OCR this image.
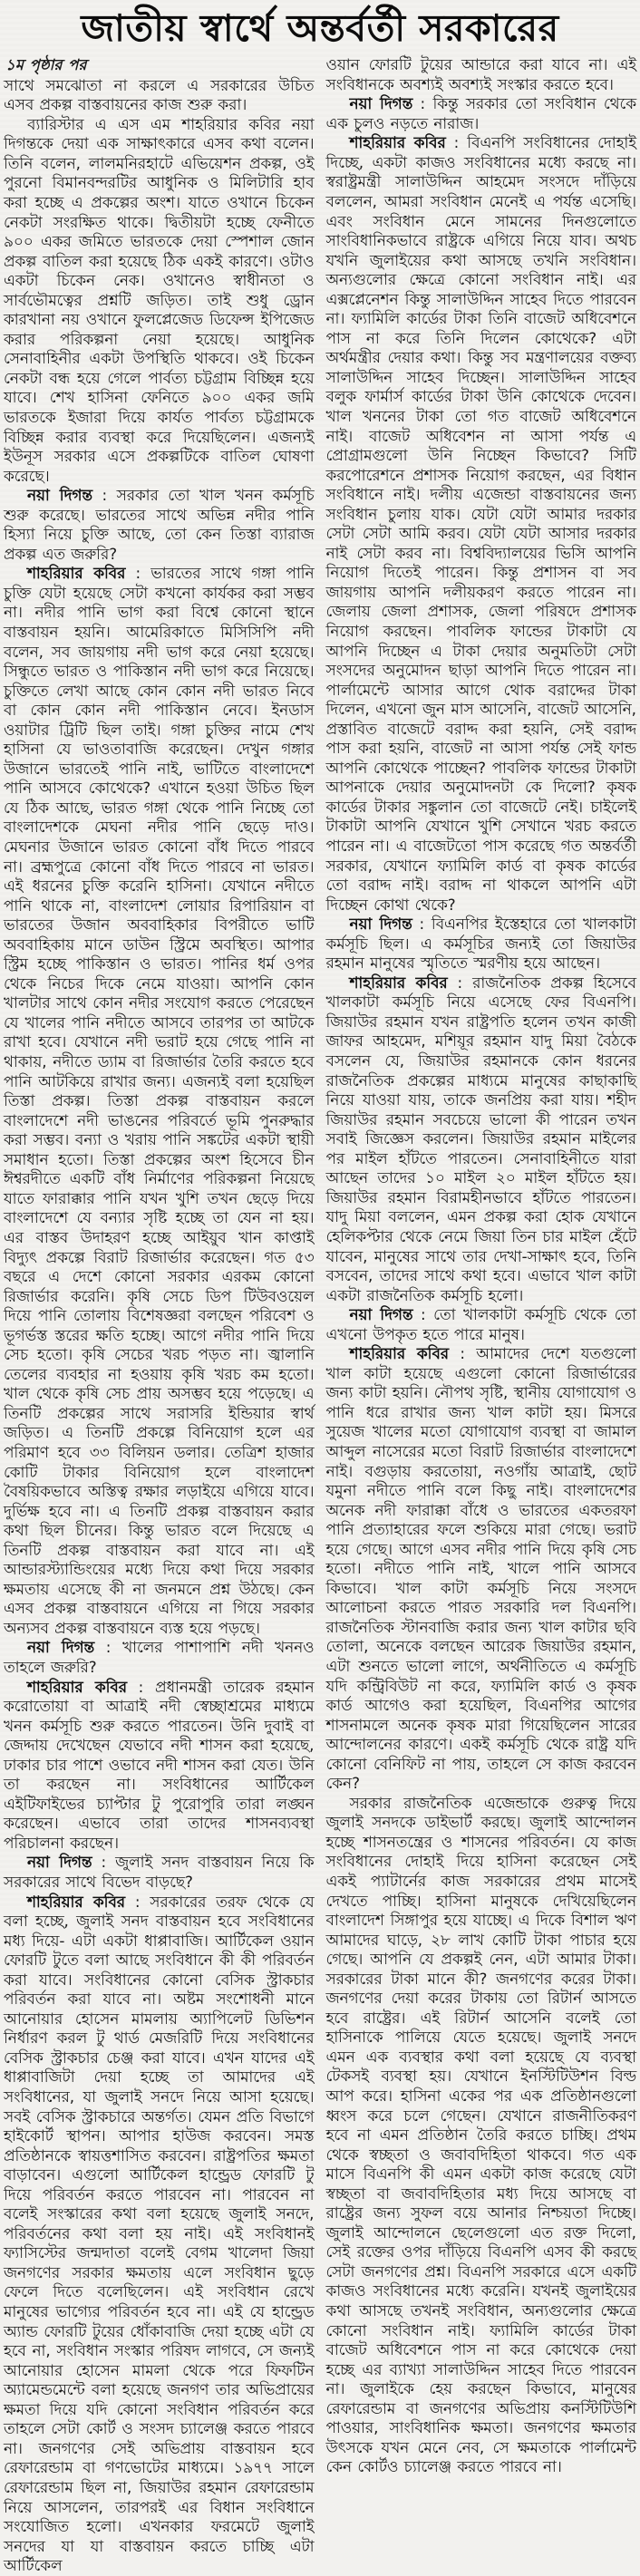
জাতীয় স্বার্থে অন্তর্বর্তী সরকারের
১ম পৃষ্ঠার পর

সাথে সমঝোতা না করলে এ সরকারের উচিত এসব প্রকল্প বাস্তবায়নের কাজ শুরু করা।

ব্যারিস্টার এ এস এম শাহরিয়ার কবির নয়া দিগন্তকে দেয়া এক সাক্ষাৎকারে এসব কথা বলেন। তিনি বলেন, লালমনিরহাটে এভিয়েশন প্রকল্প, ওই পুরনো বিমানবন্দরটির আধুনিক ও মিলিটারি হাব করা হচ্ছে এ প্রকল্পের অংশ। যাতে ওখানে চিকেন নেকটা সংরক্ষিত থাকে। দ্বিতীয়টা হচ্ছে ফেনীতে ৯০০ একর জমিতে ভারতকে দেয়া স্পেশাল জোন প্রকল্প বাতিল করা হয়েছে ঠিক একই কারণে। ওটাও একটা চিকেন নেক। ওখানেও স্বাধীনতা ও সার্বভৌমত্বের প্রশ্নটি জড়িত। তাই শুধু ড্রোন কারখানা নয় ওখানে ফুলপ্লেজেড ডিফেন্স ইপিজেড করার পরিকল্পনা নেয়া হয়েছে। আধুনিক সেনাবাহিনীর একটা উপস্থিতি থাকবে। ওই চিকেন নেকটা বন্ধ হয়ে গেলে পার্বত্য চট্টগ্রাম বিচ্ছিন্ন হয়ে যাবে। শেখ হাসিনা ফেনিতে ৯০০ একর জমি ভারতকে ইজারা দিয়ে কার্যত পার্বত্য চট্টগ্রামকে বিচ্ছিন্ন করার ব্যবস্থা করে দিয়েছিলেন। এজন্যই ইউনূস সরকার এসে প্রকল্পটিকে বাতিল ঘোষণা করেছে।

নয়া দিগন্ত : সরকার তো খাল খনন কর্মসূচি শুরু করেছে। ভারতের সাথে অভিন্ন নদীর পানি হিস্যা নিয়ে চুক্তি আছে, তো কেন তিস্তা ব্যারাজ প্রকল্প এত জরুরি?

শাহরিয়ার কবির : ভারতের সাথে গঙ্গা পানি চুক্তি যেটা হয়েছে সেটা কখনো কার্যকর করা সম্ভব না। নদীর পানি ভাগ করা বিশ্বে কোনো স্থানে বাস্তবায়ন হয়নি। আমেরিকাতে মিসিসিপি নদী বলেন, সব জায়গায় নদী ভাগ করে নেয়া হয়েছে। সিন্ধুতে ভারত ও পাকিস্তান নদী ভাগ করে নিয়েছে। চুক্তিতে লেখা আছে কোন কোন নদী ভারত নিবে বা কোন কোন নদী পাকিস্তান নেবে। ইনডাস ওয়াটার ট্রিটি ছিল তাই। গঙ্গা চুক্তির নামে শেখ হাসিনা যে ভাওতাবাজি করেছেন। দেখুন গঙ্গার উজানে ভারতেই পানি নাই, ভাটিতে বাংলাদেশে পানি আসবে কোথেকে? এখানে হওয়া উচিত ছিল যে ঠিক আছে, ভারত গঙ্গা থেকে পানি নিচ্ছে তো বাংলাদেশকে মেঘনা নদীর পানি ছেড়ে দাও। মেঘনার উজানে ভারত কোনো বাঁধ দিতে পারবে না। ব্রহ্মপুত্রে কোনো বাঁধ দিতে পারবে না ভারত। এই ধরনের চুক্তি করেনি হাসিনা। যেখানে নদীতে পানি থাকে না, বাংলাদেশ লোয়ার রিপারিয়ান বা ভারতের উজান অববাহিকার বিপরীতে ভাটি অববাহিকায় মানে ডাউন স্ট্রিমে অবস্থিত। আপার স্ট্রিম হচ্ছে পাকিস্তান ও ভারত। পানির ধর্ম ওপর থেকে নিচের দিকে নেমে যাওয়া। আপনি কোন খালটার সাথে কোন নদীর সংযোগ করতে পেরেছেন যে খালের পানি নদীতে আসবে তারপর তা আটকে রাখা হবে। যেখানে নদী ভরাট হয়ে গেছে পানি না থাকায়, নদীতে ড্যাম বা রিজার্ভার তৈরি করতে হবে পানি আটকিয়ে রাখার জন্য। এজন্যই বলা হয়েছিল তিস্তা প্রকল্প। তিস্তা প্রকল্প বাস্তবায়ন করলে বাংলাদেশে নদী ভাঙনের পরিবর্তে ভূমি পুনরুদ্ধার করা সম্ভব। বন্যা ও খরায় পানি সঙ্কটের একটা স্থায়ী সমাধান হতো। তিস্তা প্রকল্পের অংশ হিসেবে চীন ঈশ্বরদীতে একটি বাঁধ নির্মাণের পরিকল্পনা নিয়েছে যাতে ফারাক্কার পানি যখন খুশি তখন ছেড়ে দিয়ে বাংলাদেশে যে বন্যার সৃষ্টি হচ্ছে তা যেন না হয়। এর বাস্তব উদাহরণ হচ্ছে আইয়ুব খান কাপ্তাই বিদ্যুৎ প্রকল্পে বিরাট রিজার্ভার করেছেন। গত ৫৩ বছরে এ দেশে কোনো সরকার এরকম কোনো রিজার্ভার করেনি। কৃষি সেচে ডিপ টিউবওয়েল দিয়ে পানি তোলায় বিশেষজ্ঞরা বলছেন পরিবেশ ও ভূগর্ভস্ত স্তরের ক্ষতি হচ্ছে। আগে নদীর পানি দিয়ে সেচ হতো। কৃষি সেচের খরচ পড়ত না। জ্বালানি তেলের ব্যবহার না হওয়ায় কৃষি খরচ কম হতো। খাল থেকে কৃষি সেচ প্রায় অসম্ভব হয়ে পড়েছে। এ তিনটি প্রকল্পের সাথে সরাসরি ইন্ডিয়ার স্বার্থ জড়িত। এ তিনটি প্রকল্পে বিনিয়োগ হলে এর পরিমাণ হবে ৩৩ বিলিয়ন ডলার। তেত্রিশ হাজার কোটি টাকার বিনিয়োগ হলে বাংলাদেশ বৈষয়িকভাবে অস্তিত্ব রক্ষার লড়াইয়ে এগিয়ে যাবে। দুর্ভিক্ষ হবে না। এ তিনটি প্রকল্প বাস্তবায়ন করার কথা ছিল চীনের। কিন্তু ভারত বলে দিয়েছে এ তিনটি প্রকল্প বাস্তবায়ন করা যাবে না। এই আন্ডারস্ট্যান্ডিংয়ের মধ্যে দিয়ে কথা দিয়ে সরকার ক্ষমতায় এসেছে কী না জনমনে প্রশ্ন উঠছে। কেন এসব প্রকল্প বাস্তবায়নে এগিয়ে না গিয়ে সরকার অন্যসব প্রকল্প বাস্তবায়নে ব্যস্ত হয়ে পড়ছে।

নয়া দিগন্ত : খালের পাশাপাশি নদী খননও তাহলে জরুরি?

শাহরিয়ার কবির : প্রধানমন্ত্রী তারেক রহমান করোতোয়া বা আত্রাই নদী স্বেচ্ছাশ্রমের মাধ্যমে খনন কর্মসূচি শুরু করতে পারতেন। উনি দুবাই বা জেদ্দায় দেখেছেন যেভাবে নদী শাসন করা হয়েছে, ঢাকার চার পাশে ওভাবে নদী শাসন করা যেত। উনি তা করছেন না। সংবিধানের আর্টিকেল এইটিফাইভের চ্যাপ্টার টু পুরোপুরি তারা লঙ্ঘন করেছেন। এভাবে তারা তাদের শাসনব্যবস্থা পরিচালনা করছেন।

নয়া দিগন্ত : জুলাই সনদ বাস্তবায়ন নিয়ে কি সরকারের সাথে বিভেদ বাড়ছে?

শাহরিয়ার কবির : সরকারের তরফ থেকে যে বলা হচ্ছে, জুলাই সনদ বাস্তবায়ন হবে সংবিধানের মধ্য দিয়ে- এটা একটা ধাপ্পাবাজি। আর্টিকেল ওয়ান ফোরটি টুতে বলা আছে সংবিধানে কী কী পরিবর্তন করা যাবে। সংবিধানের কোনো বেসিক স্ট্রাকচার পরিবর্তন করা যাবে না। অষ্টম সংশোধনী মানে আনোয়ার হোসেন মামলায় অ্যাপিলেট ডিভিশন নির্ধারণ করল টু থার্ড মেজরিটি দিয়ে সংবিধানের বেসিক স্ট্রাকচার চেঞ্জ করা যাবে। এখন যাদের এই ধাপ্পাবাজিটা দেয়া হচ্ছে তা আমাদের এই সংবিধানের, যা জুলাই সনদে নিয়ে আসা হয়েছে। সবই বেসিক স্ট্রাকচারে অন্তর্গত। যেমন প্রতি বিভাগে হাইকোর্ট স্থাপন। আপার হাউজ করবেন। সমস্ত প্রতিষ্ঠানকে স্বায়ত্তশাসিত করবেন। রাষ্ট্রপতির ক্ষমতা বাড়াবেন। এগুলো আর্টিকেল হান্ড্রেড ফোরটি টু দিয়ে পরিবর্তন করতে পারবেন না। পারবেন না বলেই সংস্কারের কথা বলা হয়েছে জুলাই সনদে, পরিবর্তনের কথা বলা হয় নাই। এই সংবিধানই ফ্যাসিস্টের জন্মদাতা বলেই বেগম খালেদা জিয়া জনগণের সরকার ক্ষমতায় এলে সংবিধান ছুড়ে ফেলে দিতে বলেছিলেন। এই সংবিধান রেখে মানুষের ভাগ্যের পরিবর্তন হবে না। এই যে হান্ড্রেড অ্যান্ড ফোরটি টুয়ের ধোঁকাবাজি দেয়া হচ্ছে এটা যে হবে না, সংবিধান সংস্কার পরিষদ লাগবে, সে জন্যই আনোয়ার হোসেন মামলা থেকে পরে ফিফটিন অ্যামেন্ডমেন্টে বলা হয়েছে জনগণ তার অভিপ্রায়ের ক্ষমতা দিয়ে যদি কোনো সংবিধান পরিবর্তন করে তাহলে সেটা কোর্ট ও সংসদ চ্যালেঞ্জ করতে পারবে না। জনগণের সেই অভিপ্রায় বাস্তবায়ন হবে রেফারেন্ডাম বা গণভোটের মাধ্যমে। ১৯৭৭ সালে রেফারেন্ডাম ছিল না, জিয়াউর রহমান রেফারেন্ডাম নিয়ে আসলেন, তারপরই এর বিধান সংবিধানে সংযোজিত হলো। এখনকার ফরমেটে জুলাই সনদের যা যা বাস্তবায়ন করতে চাচ্ছি এটা আর্টিকেল

ওয়ান ফোরটি টুয়ের আন্ডারে করা যাবে না। এই সংবিধানকে অবশ্যই অবশ্যই সংস্কার করতে হবে।

নয়া দিগন্ত : কিন্তু সরকার তো সংবিধান থেকে এক চুলও নড়তে নারাজ।

শাহরিয়ার কবির : বিএনপি সংবিধানের দোহাই দিচ্ছে, একটা কাজও সংবিধানের মধ্যে করছে না। স্বরাষ্ট্রমন্ত্রী সালাউদ্দিন আহমেদ সংসদে দাঁড়িয়ে বললেন, আমরা সংবিধান মেনেই এ পর্যন্ত এসেছি। এবং সংবিধান মেনে সামনের দিনগুলোতে সাংবিধানিকভাবে রাষ্ট্রকে এগিয়ে নিয়ে যাব। অথচ যখনি জুলাইয়ের কথা আসছে তখনি সংবিধান। অন্যগুলোর ক্ষেত্রে কোনো সংবিধান নাই। এর এক্সপ্লেনেশন কিন্তু সালাউদ্দিন সাহেব দিতে পারবেন না। ফ্যামিলি কার্ডের টাকা তিনি বাজেট অধিবেশনে পাস না করে তিনি দিলেন কোথেকে? এটা অর্থমন্ত্রীর দেয়ার কথা। কিন্তু সব মন্ত্রণালয়ের বক্তব্য সালাউদ্দিন সাহেব দিচ্ছেন। সালাউদ্দিন সাহেব বলুক ফার্মার্স কার্ডের টাকা উনি কোথেকে দেবেন। খাল খননের টাকা তো গত বাজেট অধিবেশনে নাই। বাজেট অধিবেশন না আসা পর্যন্ত এ প্রোগ্রামগুলো উনি নিচ্ছেন কিভাবে? সিটি করপোরেশনে প্রশাসক নিয়োগ করছেন, এর বিধান সংবিধানে নাই। দলীয় এজেন্ডা বাস্তবায়নের জন্য সংবিধান চুলায় যাক। যেটা যেটা আমার দরকার সেটা সেটা আমি করব। যেটা যেটা আসার দরকার নাই সেটা করব না। বিশ্ববিদ্যালয়ের ভিসি আপনি নিয়োগ দিতেই পারেন। কিন্তু প্রশাসন বা সব জায়গায় আপনি দলীয়করণ করতে পারেন না। জেলায় জেলা প্রশাসক, জেলা পরিষদে প্রশাসক নিয়োগ করছেন। পাবলিক ফান্ডের টাকাটা যে আপনি দিচ্ছেন এ টাকা দেয়ার অনুমতিটা সেটা সংসদের অনুমোদন ছাড়া আপনি দিতে পারেন না। পার্লামেন্টে আসার আগে থোক বরাদ্দের টাকা দিলেন, এখনো জুন মাস আসেনি, বাজেট আসেনি, প্রস্তাবিত বাজেটে বরাদ্দ করা হয়নি, সেই বরাদ্দ পাস করা হয়নি, বাজেট না আসা পর্যন্ত সেই ফান্ড আপনি কোথেকে পাচ্ছেন? পাবলিক ফান্ডের টাকাটা আপনাকে দেয়ার অনুমোদনটা কে দিলো? কৃষক কার্ডের টাকার সঙ্কুলান তো বাজেটে নেই। চাইলেই টাকাটা আপনি যেখানে খুশি সেখানে খরচ করতে পারেন না। এ বাজেটতো পাস করেছে গত অন্তর্বর্তী সরকার, যেখানে ফ্যামিলি কার্ড বা কৃষক কার্ডের তো বরাদ্দ নাই। বরাদ্দ না থাকলে আপনি এটা দিচ্ছেন কোথা থেকে?

নয়া দিগন্ত : বিএনপির ইস্তেহারে তো খালকাটা কর্মসূচি ছিল। এ কর্মসূচির জন্যই তো জিয়াউর রহমান মানুষের স্মৃতিতে স্মরণীয় হয়ে আছেন।

শাহরিয়ার কবির : রাজনৈতিক প্রকল্প হিসেবে খালকাটা কর্মসূচি নিয়ে এসেছে ফের বিএনপি। জিয়াউর রহমান যখন রাষ্ট্রপতি হলেন তখন কাজী জাফর আহমেদ, মশিয়ূর রহমান যাদু মিয়া বৈঠকে বসলেন যে, জিয়াউর রহমানকে কোন ধরনের রাজনৈতিক প্রকল্পের মাধ্যমে মানুষের কাছাকাছি নিয়ে যাওয়া যায়, তাকে জনপ্রিয় করা যায়। শহীদ জিয়াউর রহমান সবচেয়ে ভালো কী পারেন তখন সবাই জিজ্ঞেস করলেন। জিয়াউর রহমান মাইলের পর মাইল হাঁটতে পারতেন। সেনাবাহিনীতে যারা আছেন তাদের ১০ মাইল ২০ মাইল হাঁটতে হয়। জিয়াউর রহমান বিরামহীনভাবে হাঁটতে পারতেন। যাদু মিয়া বললেন, এমন প্রকল্প করা হোক যেখানে হেলিকপ্টার থেকে নেমে জিয়া তিন চার মাইল হেঁটে যাবেন, মানুষের সাথে তার দেখা-সাক্ষাৎ হবে, তিনি বসবেন, তাদের সাথে কথা হবে। এভাবে খাল কাটা একটা রাজনৈতিক কর্মসূচি হলো।

নয়া দিগন্ত : তো খালকাটা কর্মসূচি থেকে তো এখনো উপকৃত হতে পারে মানুষ।

শাহরিয়ার কবির : আমাদের দেশে যতগুলো খাল কাটা হয়েছে এগুলো কোনো রিজার্ভারের জন্য কাটা হয়নি। নৌপথ সৃষ্টি, স্থানীয় যোগাযোগ ও পানি ধরে রাখার জন্য খাল কাটা হয়। মিসরে সুয়েজ খালের মতো যোগাযোগ ব্যবস্থা বা জামাল আব্দুল নাসেরের মতো বিরাট রিজার্ভার বাংলাদেশে নাই। বগুড়ায় করতোয়া, নওগাঁয় আত্রাই, ছোট যমুনা নদীতে পানি বলে কিছু নাই। বাংলাদেশের অনেক নদী ফারাক্কা বাঁধে ও ভারতের একতরফা পানি প্রত্যাহারের ফলে শুকিয়ে মারা গেছে। ভরাট হয়ে গেছে। আগে এসব নদীর পানি দিয়ে কৃষি সেচ হতো। নদীতে পানি নাই, খালে পানি আসবে কিভাবে। খাল কাটা কর্মসূচি নিয়ে সংসদে আলোচনা করতে পারত সরকারি দল বিএনপি। রাজনৈতিক স্টানবাজি করার জন্য খাল কাটার ছবি তোলা, অনেকে বলছেন আরেক জিয়াউর রহমান, এটা শুনতে ভালো লাগে, অর্থনীতিতে এ কর্মসূচি যদি কন্ট্রিবিউট না করে, ফ্যামিলি কার্ড ও কৃষক কার্ড আগেও করা হয়েছিল, বিএনপির আগের শাসনামলে অনেক কৃষক মারা গিয়েছিলেন সারের আন্দোলনের কারণে। একই কর্মসূচি থেকে রাষ্ট্র যদি কোনো বেনিফিট না পায়, তাহলে সে কাজ করবেন কেন?

সরকার রাজনৈতিক এজেন্ডাকে গুরুত্ব দিয়ে জুলাই সনদকে ডাইভার্ট করছে। জুলাই আন্দোলন হচ্ছে শাসনতন্ত্রের ও শাসনের পরিবর্তন। যে কাজ সংবিধানের দোহাই দিয়ে হাসিনা করেছেন সেই একই প্যাটার্নের কাজ সরকারের প্রথম মাসেই দেখতে পাচ্ছি। হাসিনা মানুষকে দেখিয়েছিলেন বাংলাদেশ সিঙ্গাপুর হয়ে যাচ্ছে। এ দিকে বিশাল ঋণ আমাদের ঘাড়ে, ২৮ লাখ কোটি টাকা পাচার হয়ে গেছে। আপনি যে প্রকল্পই নেন, এটা আমার টাকা। সরকারের টাকা মানে কী? জনগণের করের টাকা। জনগণের দেয়া করের টাকায় তো রিটার্ন আসতে হবে রাষ্ট্রের। এই রিটার্ন আসেনি বলেই তো হাসিনাকে পালিয়ে যেতে হয়েছে। জুলাই সনদে এমন এক ব্যবস্থার কথা বলা হয়েছে যে ব্যবস্থা টেকসই ব্যবস্থা হয়। যেখানে ইনস্টিটিউশন বিল্ড আপ করে। হাসিনা একের পর এক প্রতিষ্ঠানগুলো ধ্বংস করে চলে গেছেন। যেখানে রাজনীতিকরণ হবে না এমন প্রতিষ্ঠান তৈরি করতে চাচ্ছি। প্রথম থেকে স্বচ্ছতা ও জবাবদিহিতা থাকবে। গত এক মাসে বিএনপি কী এমন একটা কাজ করেছে যেটা স্বচ্ছতা বা জবাবদিহিতার মধ্য দিয়ে আসছে বা রাষ্ট্রের জন্য সুফল বয়ে আনার নিশ্চয়তা দিচ্ছে। জুলাই আন্দোলনে ছেলেগুলো এত রক্ত দিলো, সেই রক্তের ওপর দাঁড়িয়ে বিএনপি এসব কী করছে সেটা জনগণের প্রশ্ন। বিএনপি সরকারে এসে একটি কাজও সংবিধানের মধ্যে করেনি। যখনই জুলাইয়ের কথা আসছে তখনই সংবিধান, অন্যগুলোর ক্ষেত্রে কোনো সংবিধান নাই। ফ্যামিলি কার্ডের টাকা বাজেট অধিবেশনে পাস না করে কোথেকে দেয়া হচ্ছে এর ব্যাখ্যা সালাউদ্দিন সাহেব দিতে পারবেন না। জুলাইকে হেয় করছেন কিভাবে, মানুষের রেফারেন্ডাম বা জনগণের অভিপ্রায় কনস্টিটিউশি পাওয়ার, সাংবিধানিক ক্ষমতা। জনগণের ক্ষমতার উৎসকে যখন মেনে নেব, সে ক্ষমতাকে পার্লামেন্ট কেন কোর্টও চ্যালেঞ্জ করতে পারবে না।
